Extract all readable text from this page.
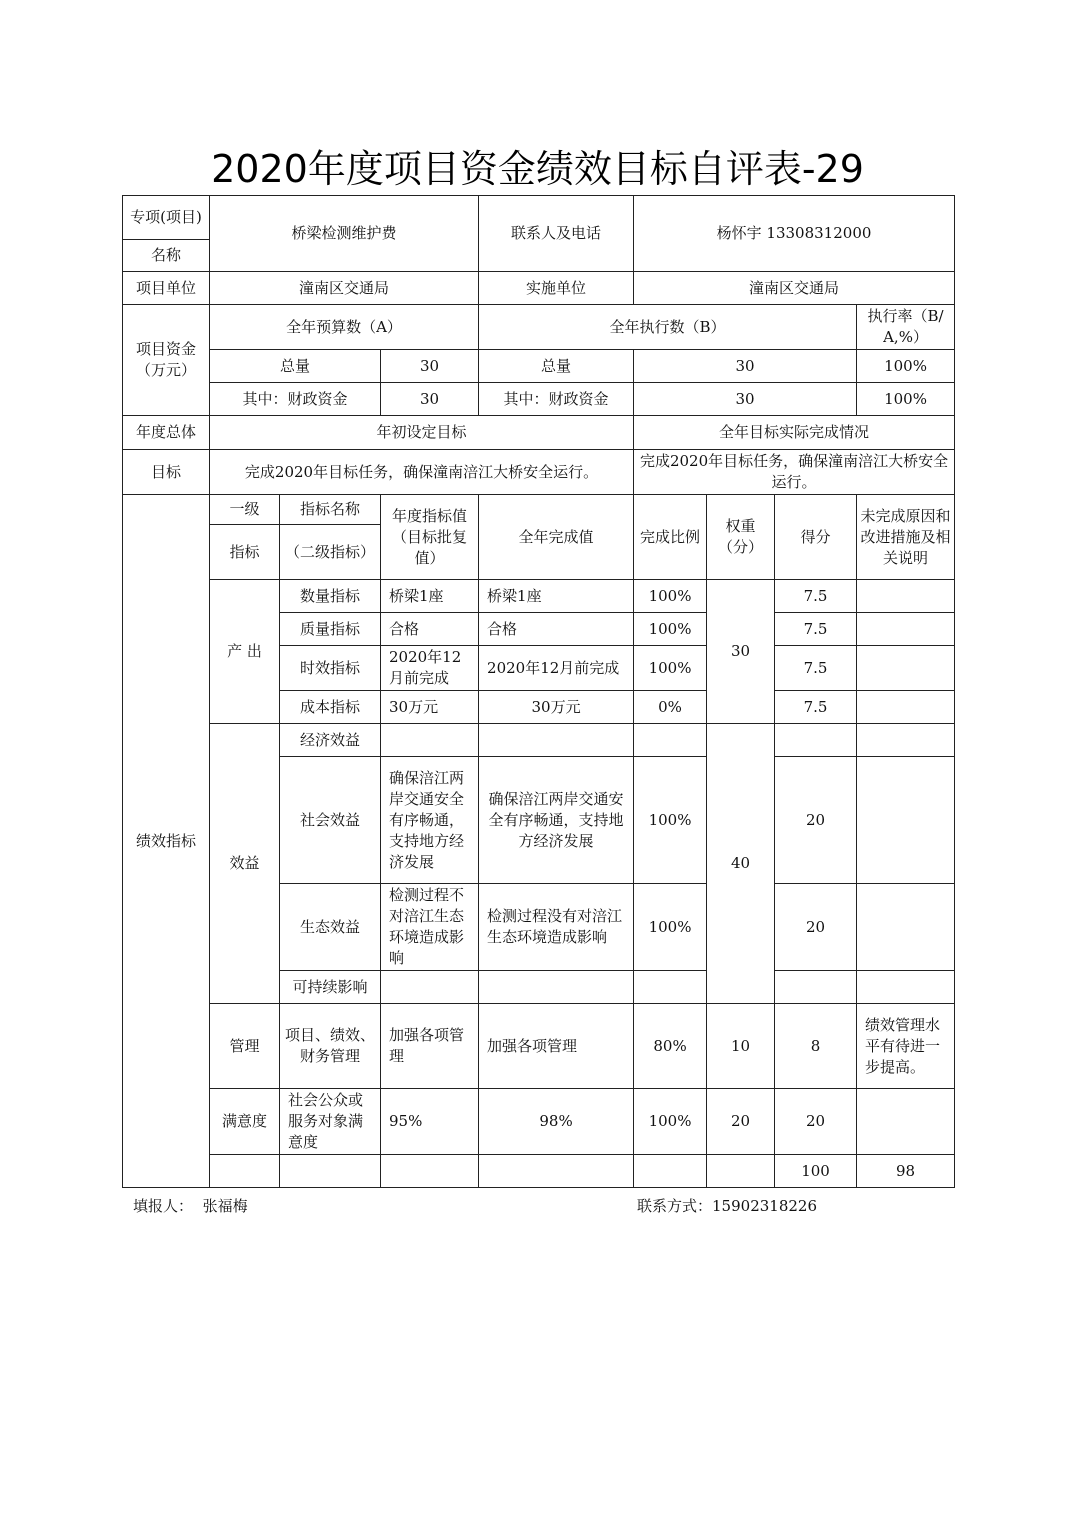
2020年度项目资金绩效目标自评表-29
专项(项目)	桥梁检测维护费			联系人及电话	杨怀宇 13308312000				
名称									
项目单位	潼南区交通局			实施单位	潼南区交通局				
项目资金（万元）	全年预算数（A）			全年执行数（B）				执行率（B/A,%）	
	总量		30	总量	30			100%	
	其中：财政资金		30	其中：财政资金	30			100%	
年度总体	年初设定目标				全年目标实际完成情况				
目标	完成2020年目标任务，确保潼南涪江大桥安全运行。				完成2020年目标任务，确保潼南涪江大桥安全运行。				
绩效指标	一级	指标名称	年度指标值（目标批复值）	全年完成值	完成比例	权重（分）	得分	未完成原因和改进措施及相关说明	
	指标	（二级指标）							
	产 出	数量指标	桥梁1座	桥梁1座	100%	30	7.5		
		质量指标	合格	合格	100%		7.5		
		时效指标	2020年12月前完成	2020年12月前完成	100%		7.5		
		成本指标	30万元	30万元	0%		7.5		
	效益	经济效益				40			
		社会效益	确保涪江两岸交通安全有序畅通，支持地方经济发展	确保涪江两岸交通安全有序畅通，支持地方经济发展	100%		20		
		生态效益	检测过程不对涪江生态环境造成影响	检测过程没有对涪江生态环境造成影响	100%		20		
		可持续影响							
	管理	项目、绩效、财务管理	加强各项管理	加强各项管理	80%	10	8	绩效管理水平有待进一步提高。	
	满意度	社会公众或服务对象满意度	95%	98%	100%	20	20		
							100	98	
填报人： 张福梅	联系方式：15902318226
